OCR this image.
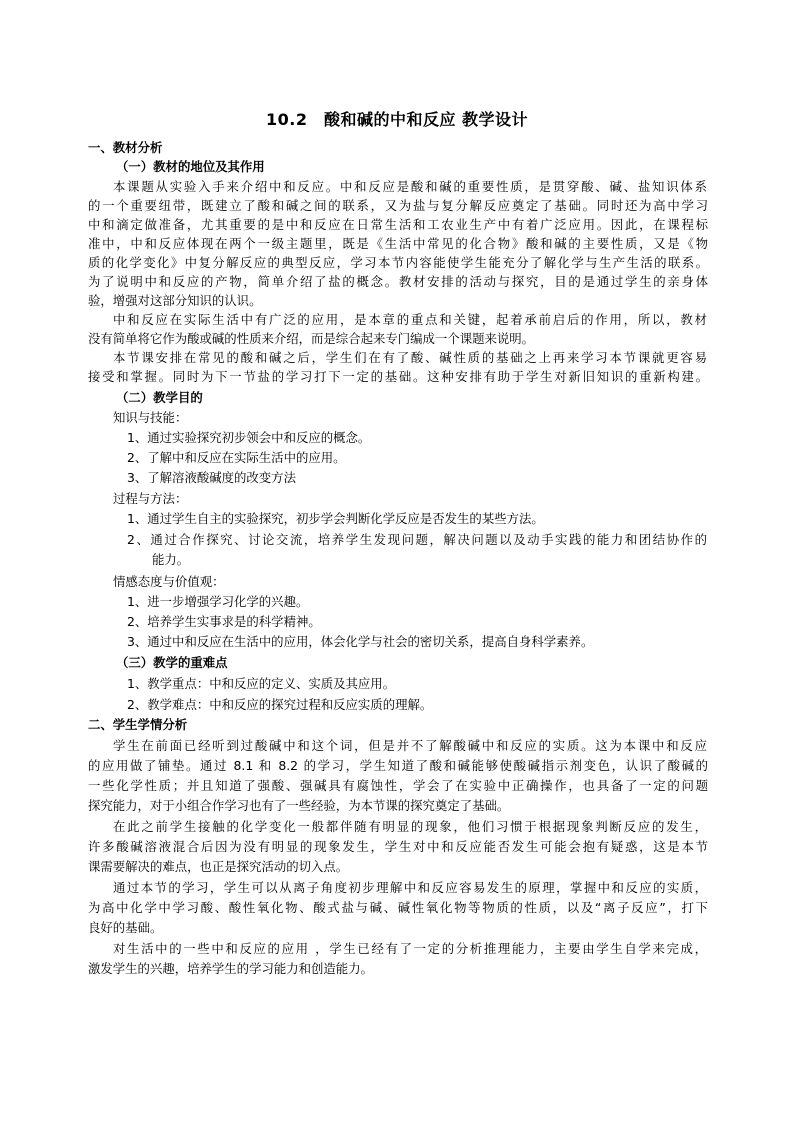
10.2　酸和碱的中和反应 教学设计
一、教材分析
（一）教材的地位及其作用
本课题从实验入手来介绍中和反应。中和反应是酸和碱的重要性质，是贯穿酸、碱、盐知识体系
的一个重要纽带，既建立了酸和碱之间的联系，又为盐与复分解反应奠定了基础。同时还为高中学习
中和滴定做准备，尤其重要的是中和反应在日常生活和工农业生产中有着广泛应用。因此，在课程标
准中，中和反应体现在两个一级主题里，既是《生活中常见的化合物》酸和碱的主要性质，又是《物
质的化学变化》中复分解反应的典型反应，学习本节内容能使学生能充分了解化学与生产生活的联系。
为了说明中和反应的产物，简单介绍了盐的概念。教材安排的活动与探究，目的是通过学生的亲身体
验，增强对这部分知识的认识。
中和反应在实际生活中有广泛的应用，是本章的重点和关键，起着承前启后的作用，所以，教材
没有简单将它作为酸或碱的性质来介绍，而是综合起来专门编成一个课题来说明。
本节课安排在常见的酸和碱之后，学生们在有了酸、碱性质的基础之上再来学习本节课就更容易
接受和掌握。同时为下一节盐的学习打下一定的基础。这种安排有助于学生对新旧知识的重新构建。
（二）教学目的
知识与技能：
1、通过实验探究初步领会中和反应的概念。
2、了解中和反应在实际生活中的应用。
3、了解溶液酸碱度的改变方法
过程与方法：
1、通过学生自主的实验探究，初步学会判断化学反应是否发生的某些方法。
2、通过合作探究、讨论交流，培养学生发现问题，解决问题以及动手实践的能力和团结协作的
能力。
情感态度与价值观：
1、进一步增强学习化学的兴趣。
2、培养学生实事求是的科学精神。
3、通过中和反应在生活中的应用，体会化学与社会的密切关系，提高自身科学素养。
（三）教学的重难点
1、教学重点：中和反应的定义、实质及其应用。
2、教学难点：中和反应的探究过程和反应实质的理解。
二、学生学情分析
学生在前面已经听到过酸碱中和这个词，但是并不了解酸碱中和反应的实质。这为本课中和反应
的应用做了铺垫。通过 8.1 和 8.2 的学习，学生知道了酸和碱能够使酸碱指示剂变色，认识了酸碱的
一些化学性质；并且知道了强酸、强碱具有腐蚀性，学会了在实验中正确操作，也具备了一定的问题
探究能力，对于小组合作学习也有了一些经验，为本节课的探究奠定了基础。
在此之前学生接触的化学变化一般都伴随有明显的现象，他们习惯于根据现象判断反应的发生，
许多酸碱溶液混合后因为没有明显的现象发生，学生对中和反应能否发生可能会抱有疑惑，这是本节
课需要解决的难点，也正是探究活动的切入点。
通过本节的学习，学生可以从离子角度初步理解中和反应容易发生的原理，掌握中和反应的实质，
为高中化学中学习酸、酸性氧化物、酸式盐与碱、碱性氧化物等物质的性质，以及“离子反应”，打下
良好的基础。
对生活中的一些中和反应的应用 ，学生已经有了一定的分析推理能力，主要由学生自学来完成，
激发学生的兴趣，培养学生的学习能力和创造能力。
